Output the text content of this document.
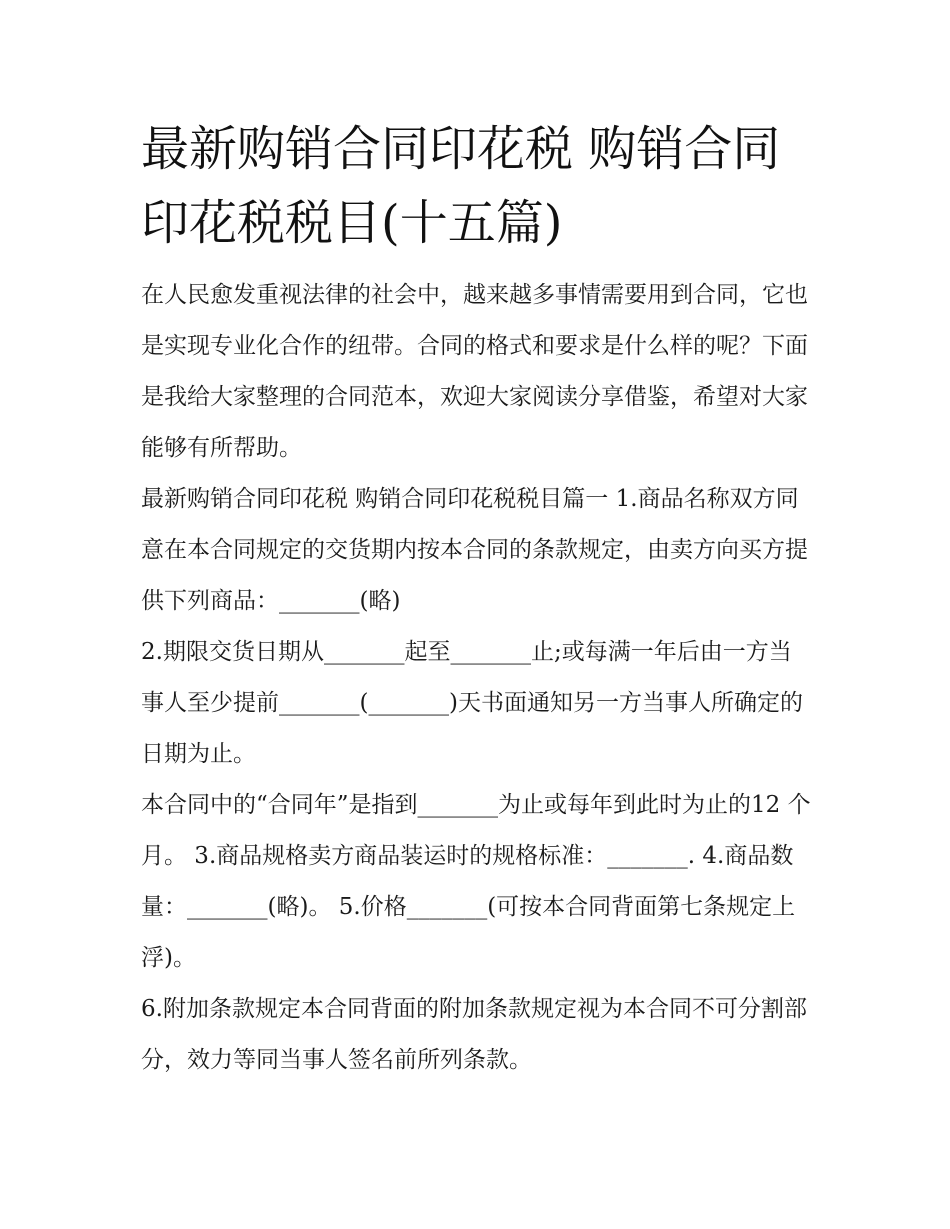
最新购销合同印花税 购销合同印花税税目(十五篇)

在人民愈发重视法律的社会中，越来越多事情需要用到合同，它也是实现专业化合作的纽带。合同的格式和要求是什么样的呢？下面是我给大家整理的合同范本，欢迎大家阅读分享借鉴，希望对大家能够有所帮助。

最新购销合同印花税 购销合同印花税税目篇一 1.商品名称双方同意在本合同规定的交货期内按本合同的条款规定，由卖方向买方提供下列商品：_______(略)

2.期限交货日期从_______起至_______止;或每满一年后由一方当事人至少提前_______(_______)天书面通知另一方当事人所确定的日期为止。

本合同中的“合同年”是指到_______为止或每年到此时为止的12 个月。 3.商品规格卖方商品装运时的规格标准：_______. 4.商品数量：_______(略)。 5.价格_______(可按本合同背面第七条规定上浮)。

6.附加条款规定本合同背面的附加条款规定视为本合同不可分割部分，效力等同当事人签名前所列条款。
